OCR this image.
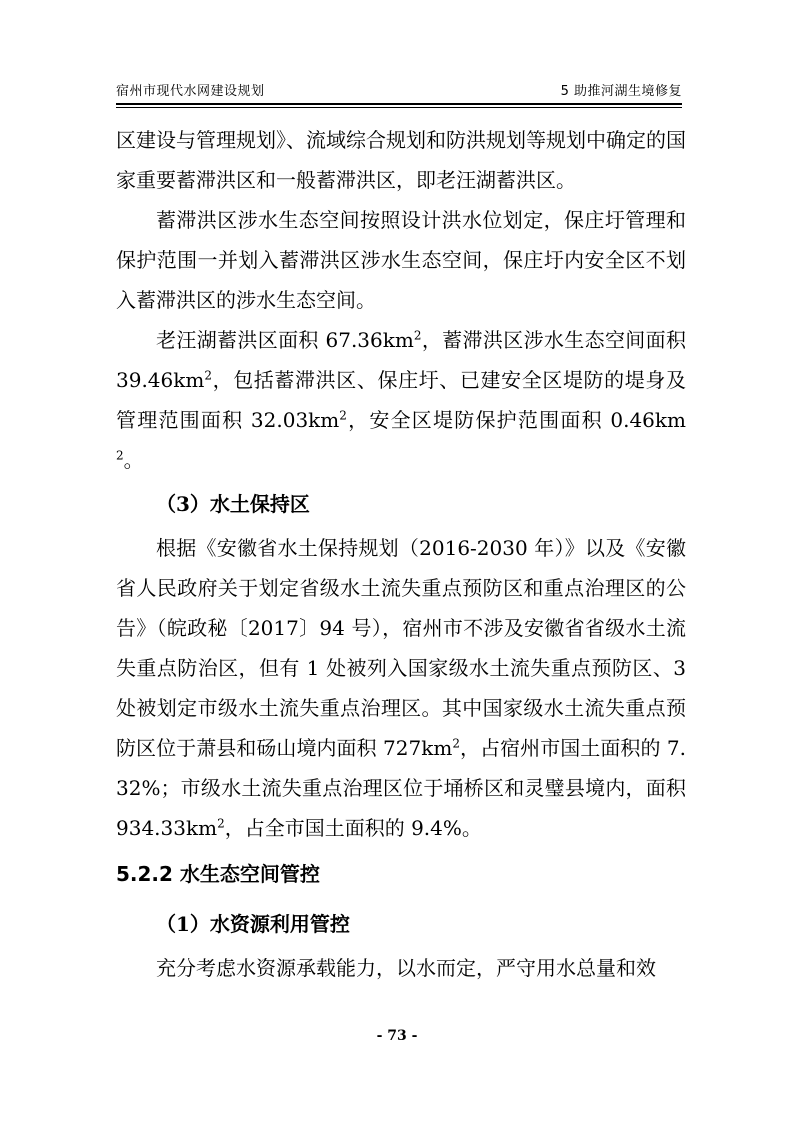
宿州市现代水网建设规划	5 助推河湖生境修复

区建设与管理规划》、流域综合规划和防洪规划等规划中确定的国家重要蓄滞洪区和一般蓄滞洪区，即老汪湖蓄洪区。

蓄滞洪区涉水生态空间按照设计洪水位划定，保庄圩管理和保护范围一并划入蓄滞洪区涉水生态空间，保庄圩内安全区不划入蓄滞洪区的涉水生态空间。

老汪湖蓄洪区面积 $67.36km^2$，蓄滞洪区涉水生态空间面积 $39.46km^2$，包括蓄滞洪区、保庄圩、已建安全区堤防的堤身及管理范围面积 $32.03km^2$，安全区堤防保护范围面积 $0.46km^2$。

（3）水土保持区

根据《安徽省水土保持规划（2016-2030 年）》以及《安徽省人民政府关于划定省级水土流失重点预防区和重点治理区的公告》（皖政秘〔2017〕94 号），宿州市不涉及安徽省省级水土流失重点防治区，但有 1 处被列入国家级水土流失重点预防区、3 处被划定市级水土流失重点治理区。其中国家级水土流失重点预防区位于萧县和砀山境内面积 $727km^2$，占宿州市国土面积的 7.32%；市级水土流失重点治理区位于埇桥区和灵璧县境内，面积 $934.33km^2$，占全市国土面积的 9.4%。

5.2.2 水生态空间管控

（1）水资源利用管控

充分考虑水资源承载能力，以水而定，严守用水总量和效

- 73 -
